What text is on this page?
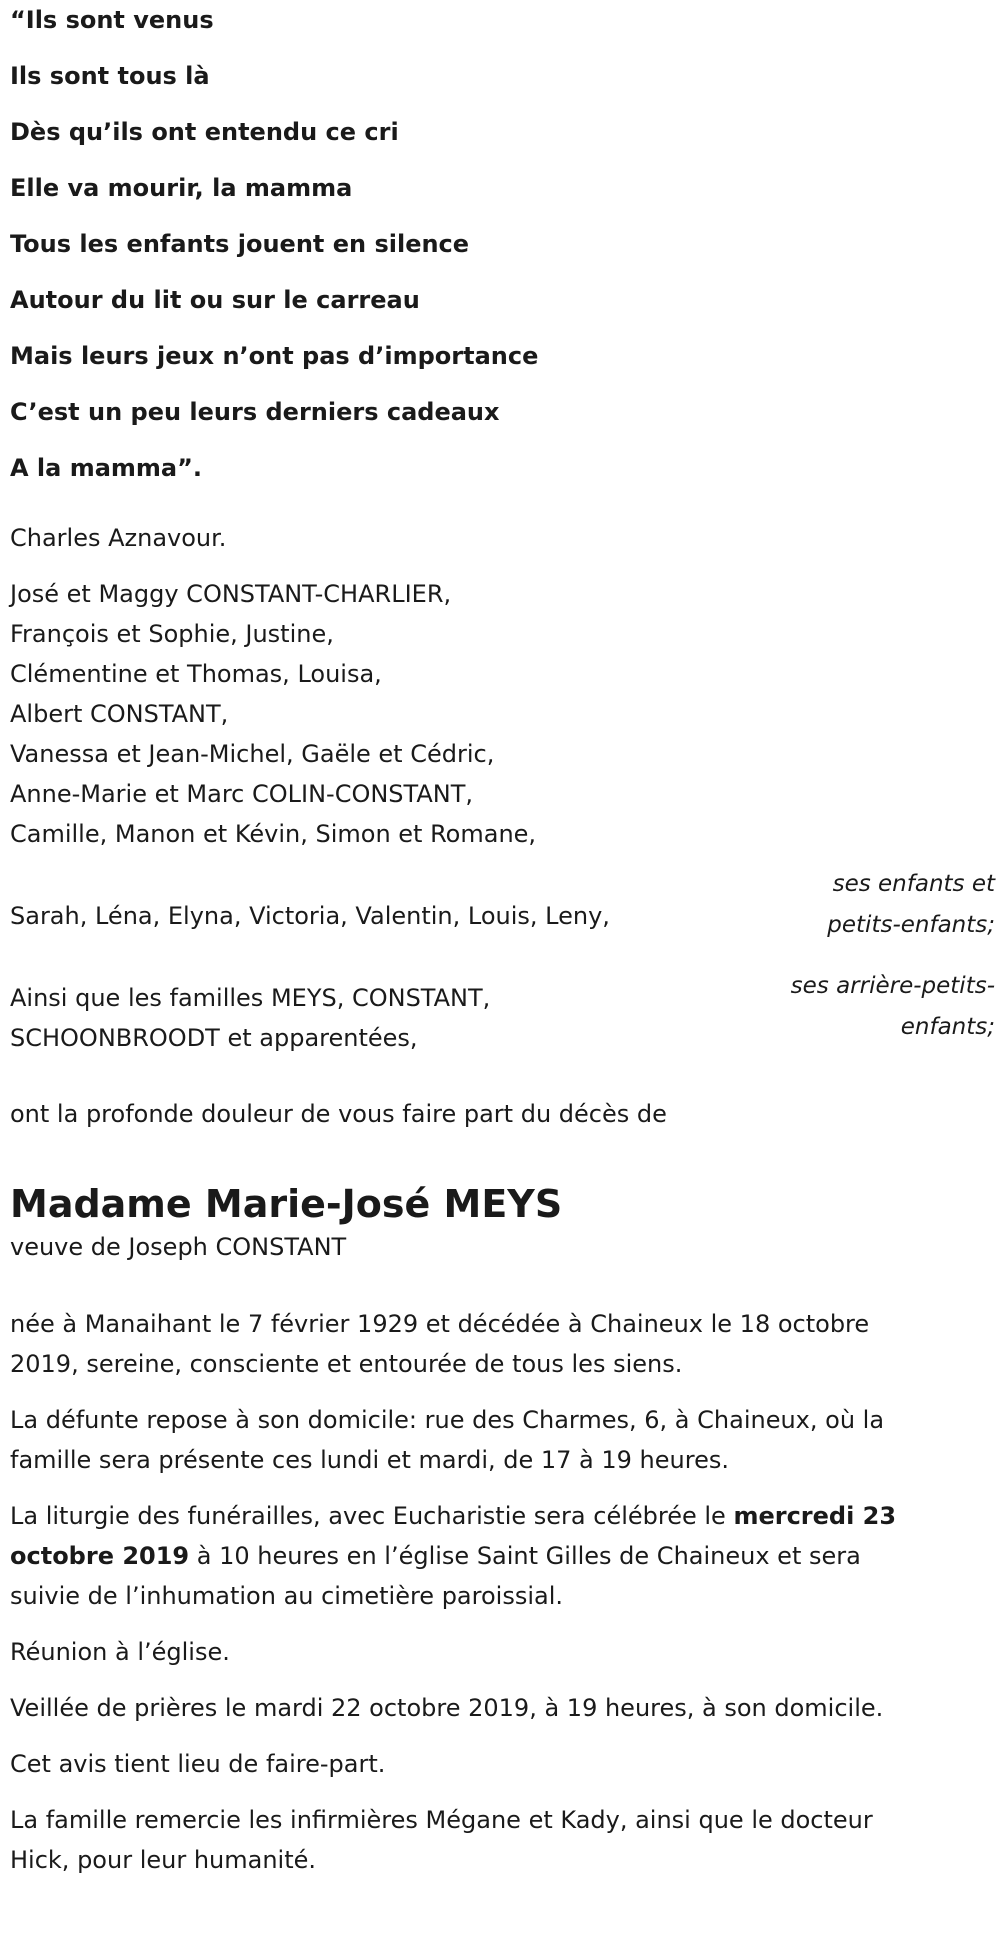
“Ils sont venus

Ils sont tous là

Dès qu’ils ont entendu ce cri

Elle va mourir, la mamma

Tous les enfants jouent en silence

Autour du lit ou sur le carreau

Mais leurs jeux n’ont pas d’importance

C’est un peu leurs derniers cadeaux

A la mamma”.

Charles Aznavour.
José et Maggy CONSTANT-CHARLIER,
François et Sophie, Justine,
Clémentine et Thomas, Louisa,
Albert CONSTANT,
Vanessa et Jean-Michel, Gaële et Cédric,
Anne-Marie et Marc COLIN-CONSTANT,
Camille, Manon et Kévin, Simon et Romane,
ses enfants et
petits-enfants;
Sarah, Léna, Elyna, Victoria, Valentin, Louis, Leny,
ses arrière-petits-
enfants;
Ainsi que les familles MEYS, CONSTANT,
SCHOONBROODT et apparentées,
ont la profonde douleur de vous faire part du décès de
Madame Marie-José MEYS
veuve de Joseph CONSTANT

née à Manaihant le 7 février 1929 et décédée à Chaineux le 18 octobre

2019, sereine, consciente et entourée de tous les siens.

La défunte repose à son domicile: rue des Charmes, 6, à Chaineux, où la

famille sera présente ces lundi et mardi, de 17 à 19 heures.

La liturgie des funérailles, avec Eucharistie sera célébrée le mercredi 23

octobre 2019 à 10 heures en l’église Saint Gilles de Chaineux et sera

suivie de l’inhumation au cimetière paroissial.

Réunion à l’église.

Veillée de prières le mardi 22 octobre 2019, à 19 heures, à son domicile.

Cet avis tient lieu de faire-part.

La famille remercie les infirmières Mégane et Kady, ainsi que le docteur

Hick, pour leur humanité.
